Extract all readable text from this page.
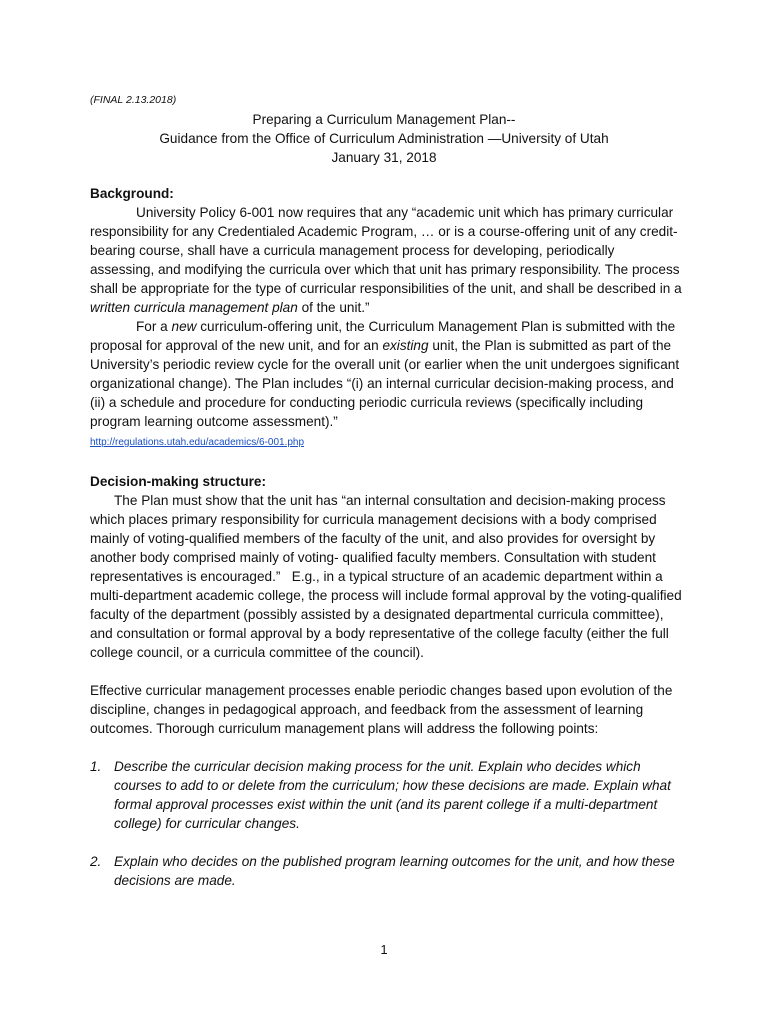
(FINAL 2.13.2018)
Preparing a Curriculum Management Plan--
Guidance from the Office of Curriculum Administration —University of Utah
January 31, 2018

Background:

University Policy 6-001 now requires that any “academic unit which has primary curricular responsibility for any Credentialed Academic Program, … or is a course-offering unit of any credit-bearing course, shall have a curricula management process for developing, periodically assessing, and modifying the curricula over which that unit has primary responsibility. The process shall be appropriate for the type of curricular responsibilities of the unit, and shall be described in a written curricula management plan of the unit.”

For a new curriculum-offering unit, the Curriculum Management Plan is submitted with the proposal for approval of the new unit, and for an existing unit, the Plan is submitted as part of the University’s periodic review cycle for the overall unit (or earlier when the unit undergoes significant organizational change). The Plan includes “(i) an internal curricular decision-making process, and (ii) a schedule and procedure for conducting periodic curricula reviews (specifically including program learning outcome assessment).”

http://regulations.utah.edu/academics/6-001.php

Decision-making structure:

The Plan must show that the unit has “an internal consultation and decision-making process which places primary responsibility for curricula management decisions with a body comprised mainly of voting-qualified members of the faculty of the unit, and also provides for oversight by another body comprised mainly of voting- qualified faculty members. Consultation with student representatives is encouraged.”   E.g., in a typical structure of an academic department within a multi-department academic college, the process will include formal approval by the voting-qualified faculty of the department (possibly assisted by a designated departmental curricula committee), and consultation or formal approval by a body representative of the college faculty (either the full college council, or a curricula committee of the council).

Effective curricular management processes enable periodic changes based upon evolution of the discipline, changes in pedagogical approach, and feedback from the assessment of learning outcomes. Thorough curriculum management plans will address the following points:

1. Describe the curricular decision making process for the unit. Explain who decides which courses to add to or delete from the curriculum; how these decisions are made. Explain what formal approval processes exist within the unit (and its parent college if a multi-department college) for curricular changes.
2. Explain who decides on the published program learning outcomes for the unit, and how these decisions are made.
1
